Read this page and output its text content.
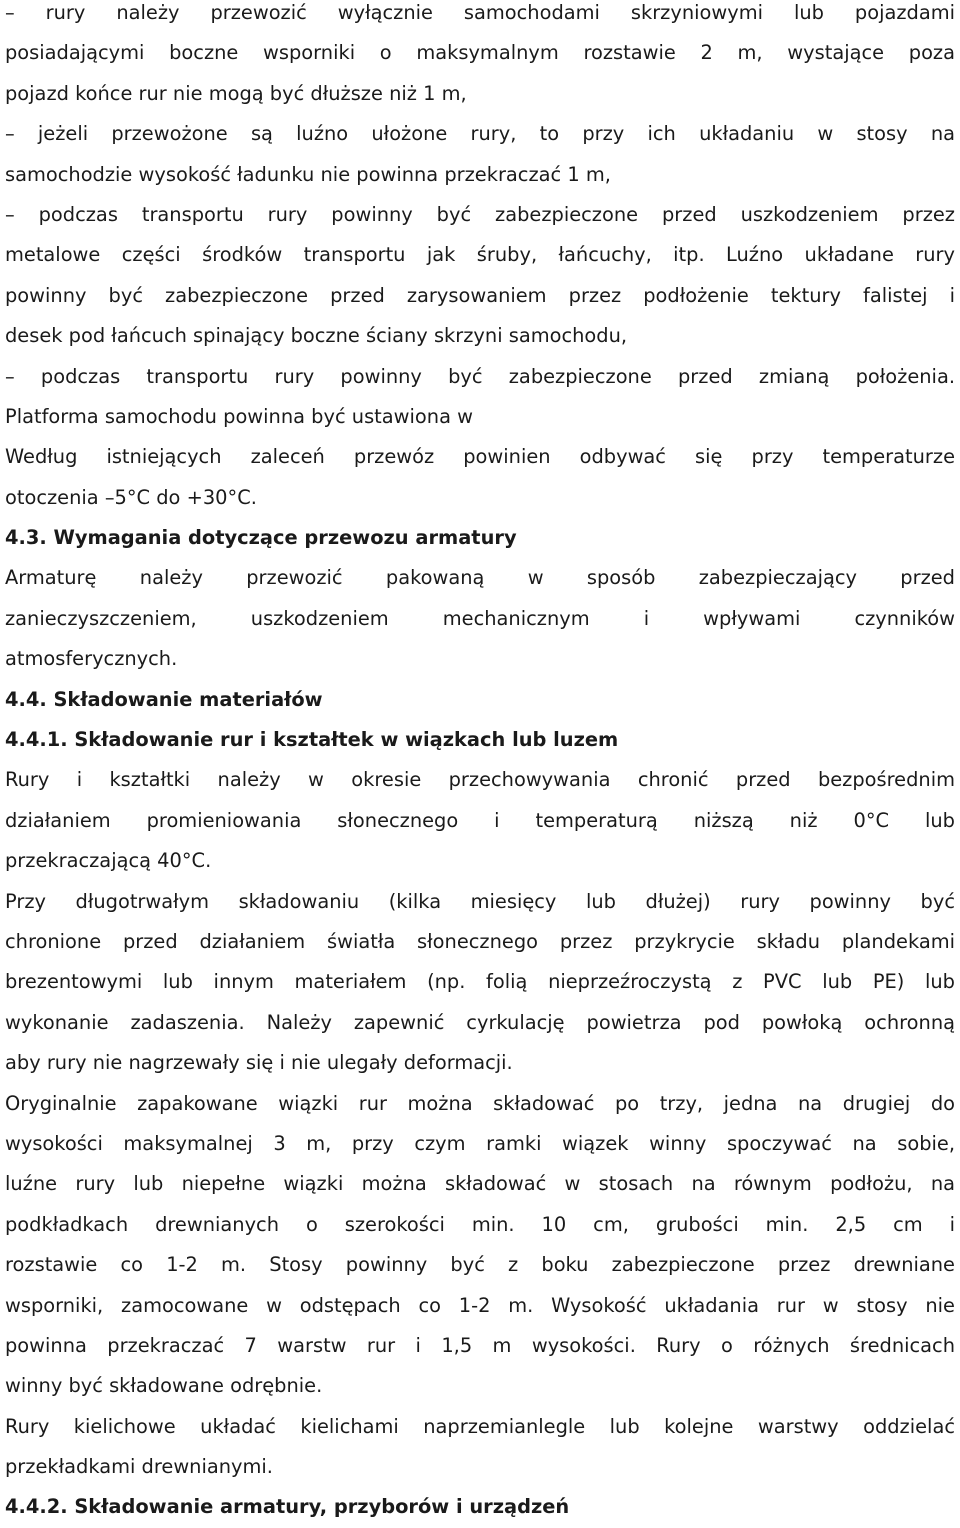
– rury należy przewozić wyłącznie samochodami skrzyniowymi lub pojazdami
posiadającymi boczne wsporniki o maksymalnym rozstawie 2 m, wystające poza
pojazd końce rur nie mogą być dłuższe niż 1 m,
– jeżeli przewożone są luźno ułożone rury, to przy ich układaniu w stosy na
samochodzie wysokość ładunku nie powinna przekraczać 1 m,
– podczas transportu rury powinny być zabezpieczone przed uszkodzeniem przez
metalowe części środków transportu jak śruby, łańcuchy, itp. Luźno układane rury
powinny być zabezpieczone przed zarysowaniem przez podłożenie tektury falistej i
desek pod łańcuch spinający boczne ściany skrzyni samochodu,
– podczas transportu rury powinny być zabezpieczone przed zmianą położenia.
Platforma samochodu powinna być ustawiona w
Według istniejących zaleceń przewóz powinien odbywać się przy temperaturze
otoczenia –5°C do +30°C.
4.3. Wymagania dotyczące przewozu armatury
Armaturę należy przewozić pakowaną w sposób zabezpieczający przed
zanieczyszczeniem, uszkodzeniem mechanicznym i wpływami czynników
atmosferycznych.
4.4. Składowanie materiałów
4.4.1. Składowanie rur i kształtek w wiązkach lub luzem
Rury i kształtki należy w okresie przechowywania chronić przed bezpośrednim
działaniem promieniowania słonecznego i temperaturą niższą niż 0°C lub
przekraczającą 40°C.
Przy długotrwałym składowaniu (kilka miesięcy lub dłużej) rury powinny być
chronione przed działaniem światła słonecznego przez przykrycie składu plandekami
brezentowymi lub innym materiałem (np. folią nieprzeźroczystą z PVC lub PE) lub
wykonanie zadaszenia. Należy zapewnić cyrkulację powietrza pod powłoką ochronną
aby rury nie nagrzewały się i nie ulegały deformacji.
Oryginalnie zapakowane wiązki rur można składować po trzy, jedna na drugiej do
wysokości maksymalnej 3 m, przy czym ramki wiązek winny spoczywać na sobie,
luźne rury lub niepełne wiązki można składować w stosach na równym podłożu, na
podkładkach drewnianych o szerokości min. 10 cm, grubości min. 2,5 cm i
rozstawie co 1-2 m. Stosy powinny być z boku zabezpieczone przez drewniane
wsporniki, zamocowane w odstępach co 1-2 m. Wysokość układania rur w stosy nie
powinna przekraczać 7 warstw rur i 1,5 m wysokości. Rury o różnych średnicach
winny być składowane odrębnie.
Rury kielichowe układać kielichami naprzemianlegle lub kolejne warstwy oddzielać
przekładkami drewnianymi.
4.4.2. Składowanie armatury, przyborów i urządzeń
